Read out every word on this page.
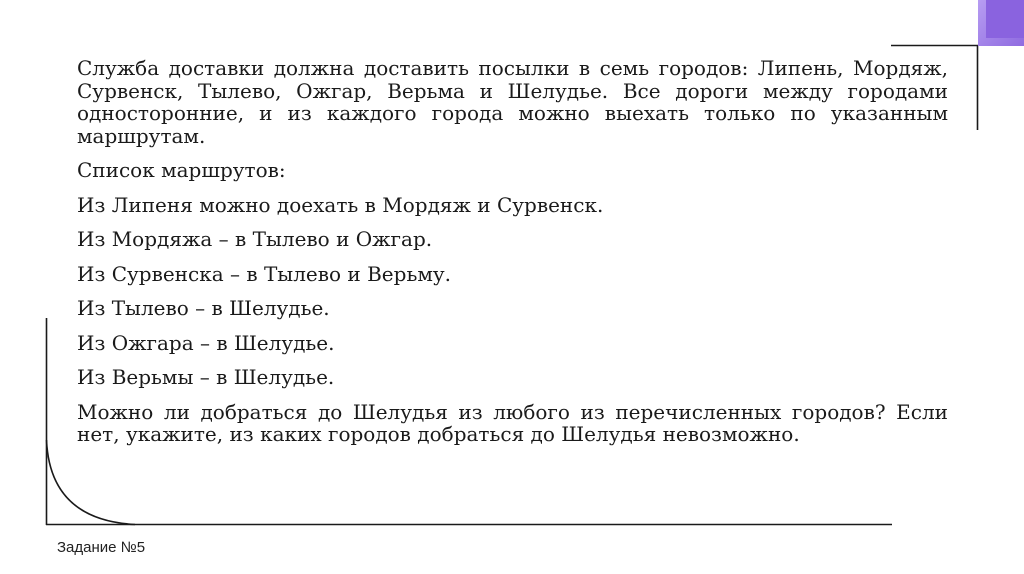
Служба доставки должна доставить посылки в семь городов: Липень, Мордяж, Сурвенск, Тылево, Ожгар, Верьма и Шелудье. Все дороги между городами односторонние, и из каждого города можно выехать только по указанным маршрутам.

Список маршрутов:

Из Липеня можно доехать в Мордяж и Сурвенск.

Из Мордяжа – в Тылево и Ожгар.

Из Сурвенска – в Тылево и Верьму.

Из Тылево – в Шелудье.

Из Ожгара – в Шелудье.

Из Верьмы – в Шелудье.

Можно ли добраться до Шелудья из любого из перечисленных городов? Если нет, укажите, из каких городов добраться до Шелудья невозможно.

Задание №5
